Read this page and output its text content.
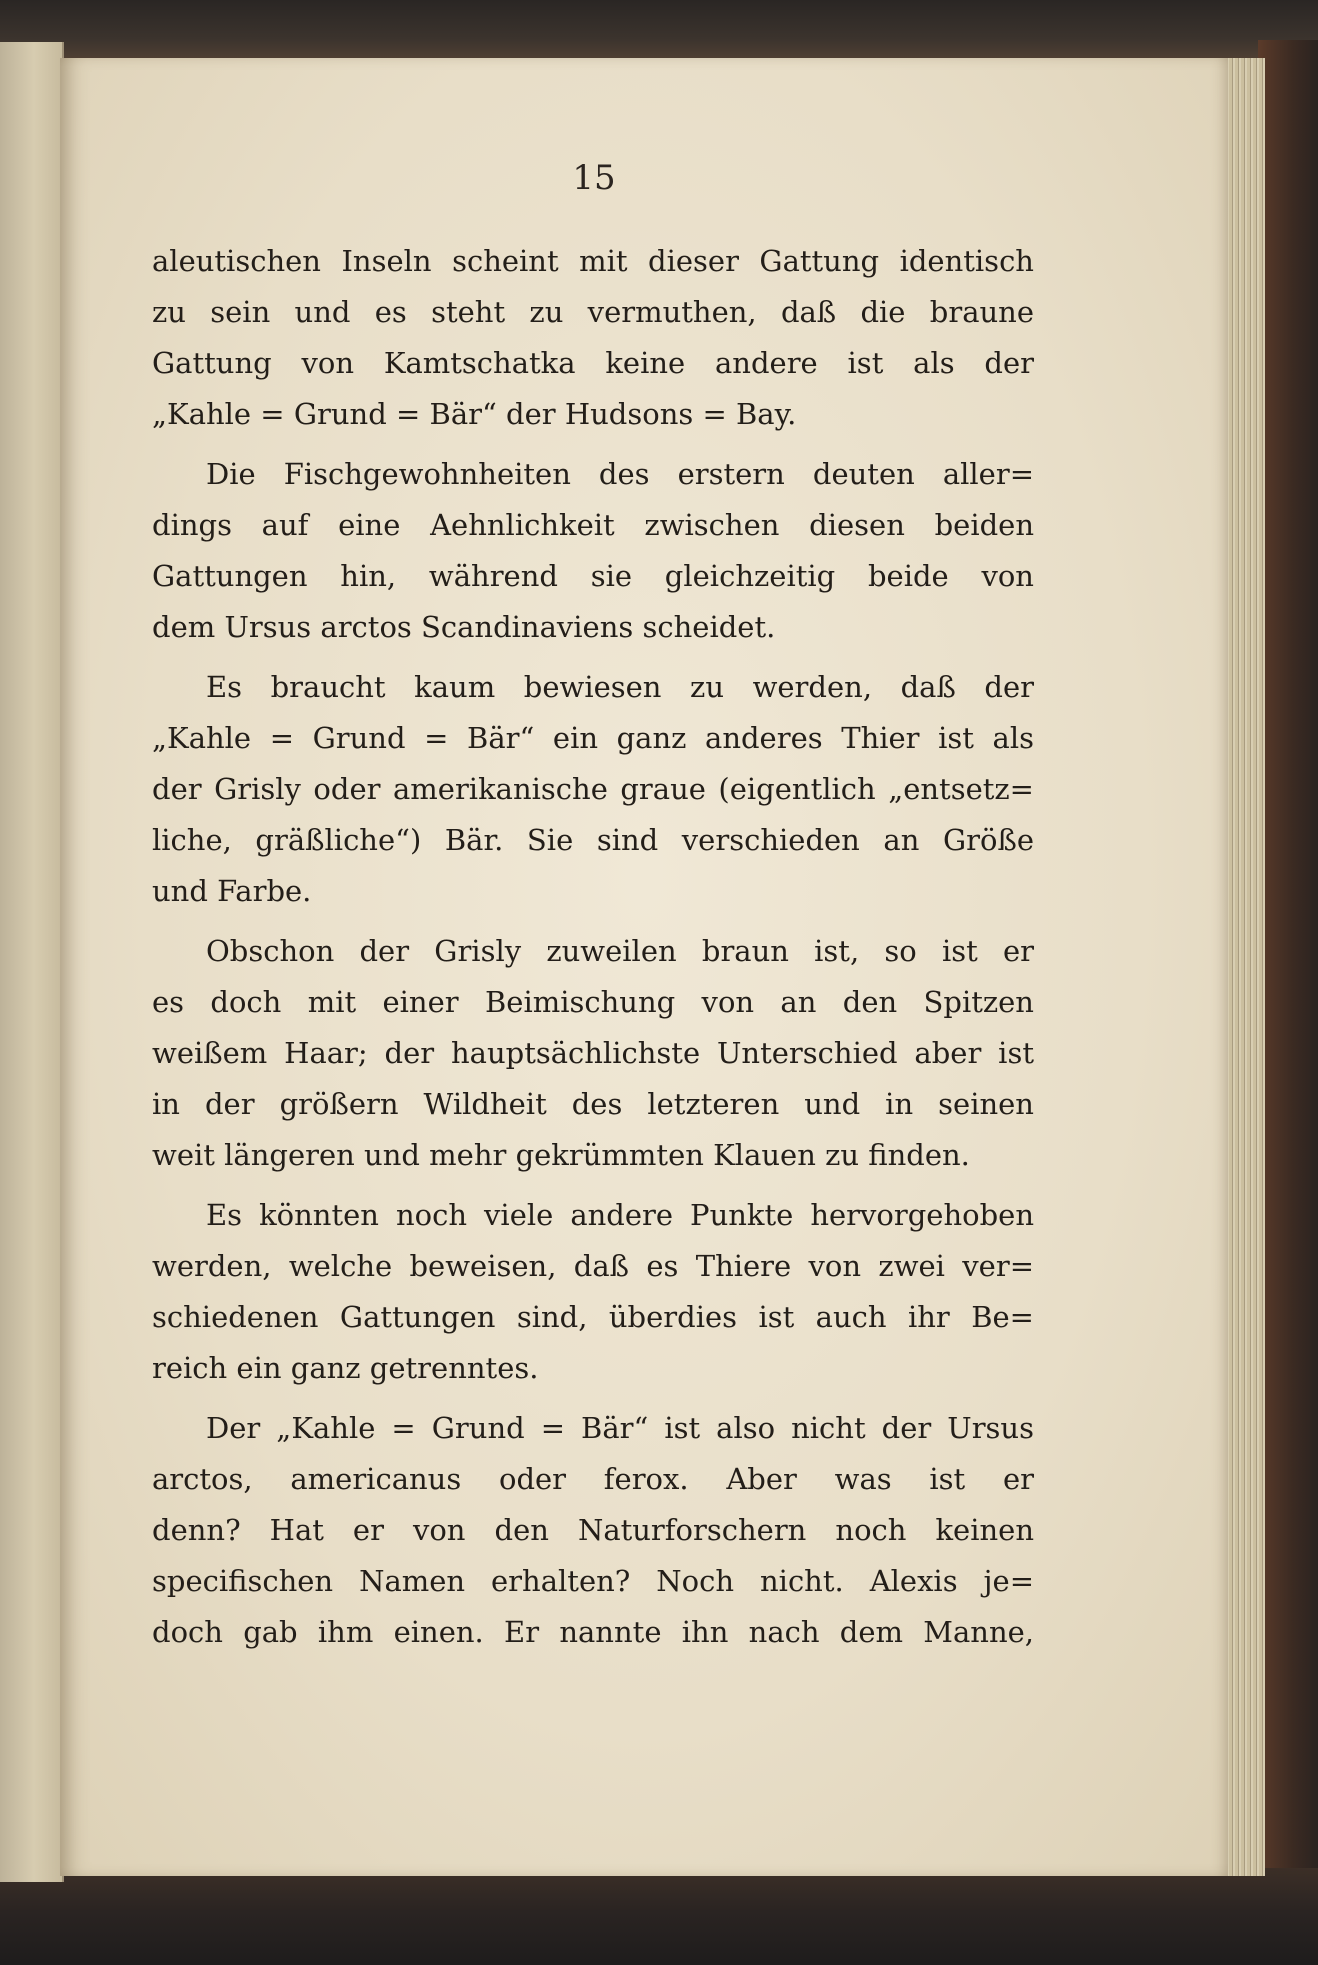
15
aleutischen Inseln scheint mit dieser Gattung identisch
zu sein und es steht zu vermuthen, daß die braune
Gattung von Kamtschatka keine andere ist als der
„Kahle = Grund = Bär“ der Hudsons = Bay.
Die Fischgewohnheiten des erstern deuten aller=
dings auf eine Aehnlichkeit zwischen diesen beiden
Gattungen hin, während sie gleichzeitig beide von
dem Ursus arctos Scandinaviens scheidet.
Es braucht kaum bewiesen zu werden, daß der
„Kahle = Grund = Bär“ ein ganz anderes Thier ist als
der Grisly oder amerikanische graue (eigentlich „entsetz=
liche, gräßliche“) Bär. Sie sind verschieden an Größe
und Farbe.
Obschon der Grisly zuweilen braun ist, so ist er
es doch mit einer Beimischung von an den Spitzen
weißem Haar; der hauptsächlichste Unterschied aber ist
in der größern Wildheit des letzteren und in seinen
weit längeren und mehr gekrümmten Klauen zu finden.
Es könnten noch viele andere Punkte hervorgehoben
werden, welche beweisen, daß es Thiere von zwei ver=
schiedenen Gattungen sind, überdies ist auch ihr Be=
reich ein ganz getrenntes.
Der „Kahle = Grund = Bär“ ist also nicht der Ursus
arctos, americanus oder ferox. Aber was ist er
denn? Hat er von den Naturforschern noch keinen
specifischen Namen erhalten? Noch nicht. Alexis je=
doch gab ihm einen. Er nannte ihn nach dem Manne,
